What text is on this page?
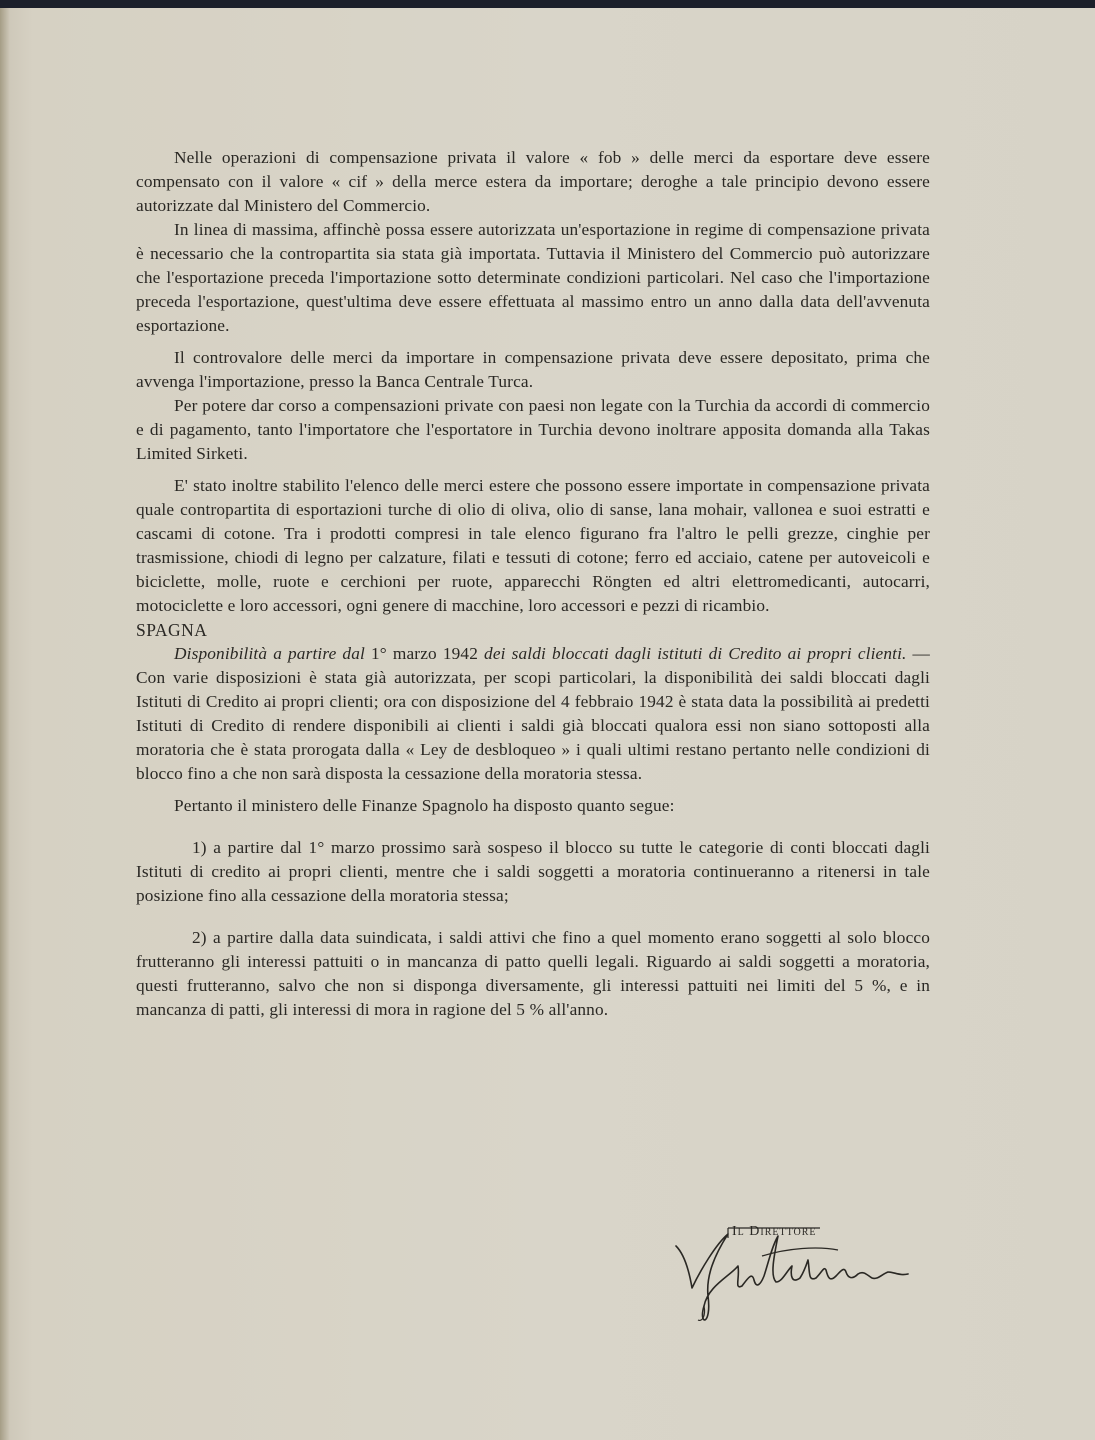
Nelle operazioni di compensazione privata il valore « fob » delle merci da esportare deve essere compensato con il valore « cif » della merce estera da importare; deroghe a tale principio devono essere autorizzate dal Ministero del Commercio.

In linea di massima, affinchè possa essere autorizzata un'esportazione in regime di compensazione privata è necessario che la contropartita sia stata già importata. Tuttavia il Ministero del Commercio può autorizzare che l'esportazione preceda l'importazione sotto determinate condizioni particolari. Nel caso che l'importazione preceda l'esportazione, quest'ultima deve essere effettuata al massimo entro un anno dalla data dell'avvenuta esportazione.

Il controvalore delle merci da importare in compensazione privata deve essere depositato, prima che avvenga l'importazione, presso la Banca Centrale Turca.

Per potere dar corso a compensazioni private con paesi non legate con la Turchia da accordi di commercio e di pagamento, tanto l'importatore che l'esportatore in Turchia devono inoltrare apposita domanda alla Takas Limited Sirketi.

E' stato inoltre stabilito l'elenco delle merci estere che possono essere importate in compensazione privata quale contropartita di esportazioni turche di olio di oliva, olio di sanse, lana mohair, vallonea e suoi estratti e cascami di cotone. Tra i prodotti compresi in tale elenco figurano fra l'altro le pelli grezze, cinghie per trasmissione, chiodi di legno per calzature, filati e tessuti di cotone; ferro ed acciaio, catene per autoveicoli e biciclette, molle, ruote e cerchioni per ruote, apparecchi Röngten ed altri elettromedicanti, autocarri, motociclette e loro accessori, ogni genere di macchine, loro accessori e pezzi di ricambio.

SPAGNA

Disponibilità a partire dal 1° marzo 1942 dei saldi bloccati dagli istituti di Credito ai propri clienti. — Con varie disposizioni è stata già autorizzata, per scopi particolari, la disponibilità dei saldi bloccati dagli Istituti di Credito ai propri clienti; ora con disposizione del 4 febbraio 1942 è stata data la possibilità ai predetti Istituti di Credito di rendere disponibili ai clienti i saldi già bloccati qualora essi non siano sottoposti alla moratoria che è stata prorogata dalla « Ley de desbloqueo » i quali ultimi restano pertanto nelle condizioni di blocco fino a che non sarà disposta la cessazione della moratoria stessa.

Pertanto il ministero delle Finanze Spagnolo ha disposto quanto segue:

1) a partire dal 1° marzo prossimo sarà sospeso il blocco su tutte le categorie di conti bloccati dagli Istituti di credito ai propri clienti, mentre che i saldi soggetti a moratoria continueranno a ritenersi in tale posizione fino alla cessazione della moratoria stessa;

2) a partire dalla data suindicata, i saldi attivi che fino a quel momento erano soggetti al solo blocco frutteranno gli interessi pattuiti o in mancanza di patto quelli legali. Riguardo ai saldi soggetti a moratoria, questi frutteranno, salvo che non si disponga diversamente, gli interessi pattuiti nei limiti del 5 %, e in mancanza di patti, gli interessi di mora in ragione del 5 % all'anno.

Il Direttore
